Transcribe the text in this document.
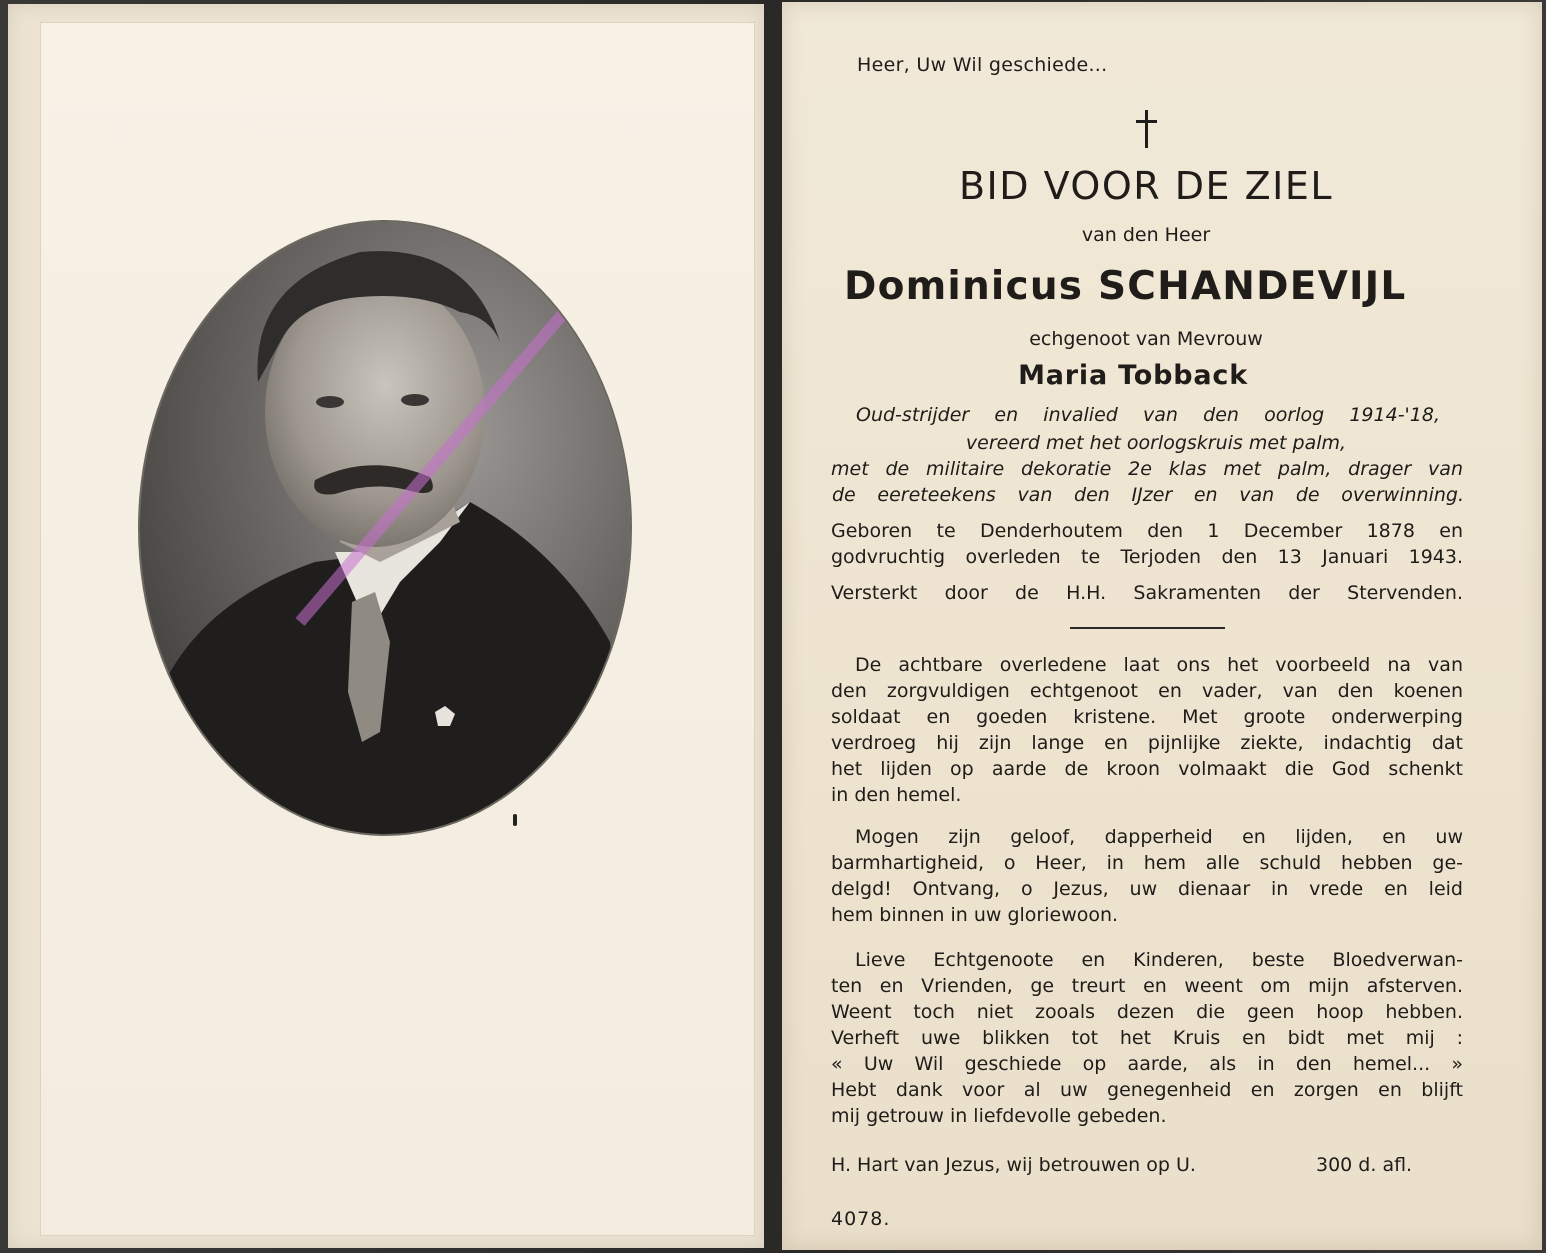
Heer, Uw Wil geschiede...
BID VOOR DE ZIEL
van den Heer
Dominicus SCHANDEVIJL
echgenoot van Mevrouw
Maria Tobback
Oud-strijder en invalied van den oorlog 1914-'18,
vereerd met het oorlogskruis met palm,
met de militaire dekoratie 2e klas met palm, drager van
de eereteekens van den IJzer en van de overwinning.
Geboren te Denderhoutem den 1 December 1878 en
godvruchtig overleden te Terjoden den 13 Januari 1943.
Versterkt door de H.H. Sakramenten der Stervenden.
De achtbare overledene laat ons het voorbeeld na van
den zorgvuldigen echtgenoot en vader, van den koenen
soldaat en goeden kristene. Met groote onderwerping
verdroeg hij zijn lange en pijnlijke ziekte, indachtig dat
het lijden op aarde de kroon volmaakt die God schenkt
in den hemel.
Mogen zijn geloof, dapperheid en lijden, en uw
barmhartigheid, o Heer, in hem alle schuld hebben ge-
delgd! Ontvang, o Jezus, uw dienaar in vrede en leid
hem binnen in uw gloriewoon.
Lieve Echtgenoote en Kinderen, beste Bloedverwan-
ten en Vrienden, ge treurt en weent om mijn afsterven.
Weent toch niet zooals dezen die geen hoop hebben.
Verheft uwe blikken tot het Kruis en bidt met mij :
« Uw Wil geschiede op aarde, als in den hemel... »
Hebt dank voor al uw genegenheid en zorgen en blijft
mij getrouw in liefdevolle gebeden.
H. Hart van Jezus, wij betrouwen op U.	300 d. afl.
4078.
